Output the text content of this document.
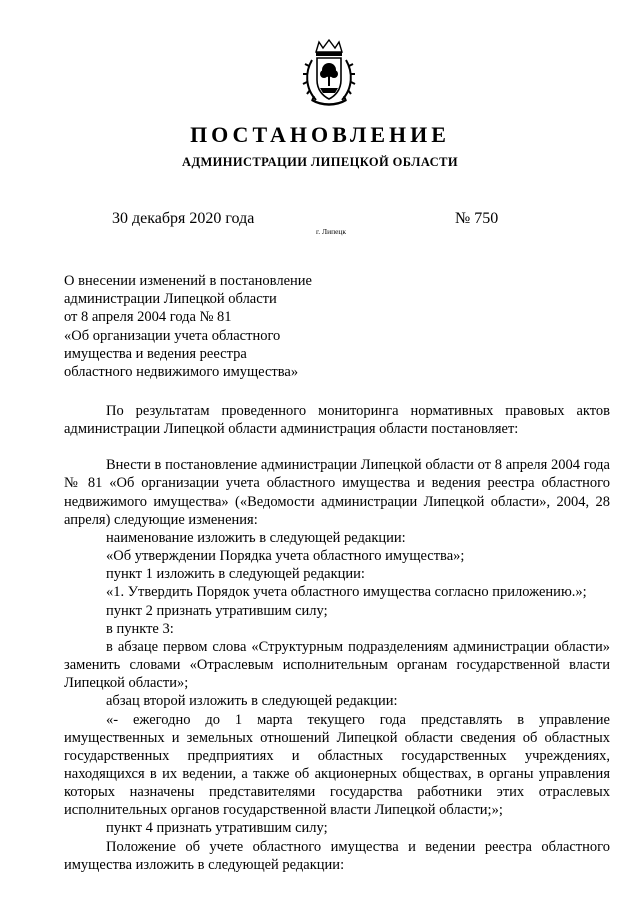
ПОСТАНОВЛЕНИЕ
АДМИНИСТРАЦИИ ЛИПЕЦКОЙ ОБЛАСТИ
30 декабря 2020 года
г. Липецк
№ 750
О внесении изменений в постановление
администрации Липецкой области
от 8 апреля 2004 года № 81
«Об организации учета областного
имущества и ведения реестра
областного недвижимого имущества»

По результатам проведенного мониторинга нормативных правовых актов администрации Липецкой области администрация области постановляет:

Внести в постановление администрации Липецкой области от 8 апреля 2004 года № 81 «Об организации учета областного имущества и ведения реестра областного недвижимого имущества» («Ведомости администрации Липецкой области», 2004, 28 апреля) следующие изменения:

наименование изложить в следующей редакции:

«Об утверждении Порядка учета областного имущества»;

пункт 1 изложить в следующей редакции:

«1. Утвердить Порядок учета областного имущества согласно приложению.»;

пункт 2 признать утратившим силу;

в пункте 3:

в абзаце первом слова «Структурным подразделениям администрации области» заменить словами «Отраслевым исполнительным органам государственной власти Липецкой области»;

абзац второй изложить в следующей редакции:

«- ежегодно до 1 марта текущего года представлять в управление имущественных и земельных отношений Липецкой области сведения об областных государственных предприятиях и областных государственных учреждениях, находящихся в их ведении, а также об акционерных обществах, в органы управления которых назначены представителями государства работники этих отраслевых исполнительных органов государственной власти Липецкой области;»;

пункт 4 признать утратившим силу;

Положение об учете областного имущества и ведении реестра областного имущества изложить в следующей редакции:
